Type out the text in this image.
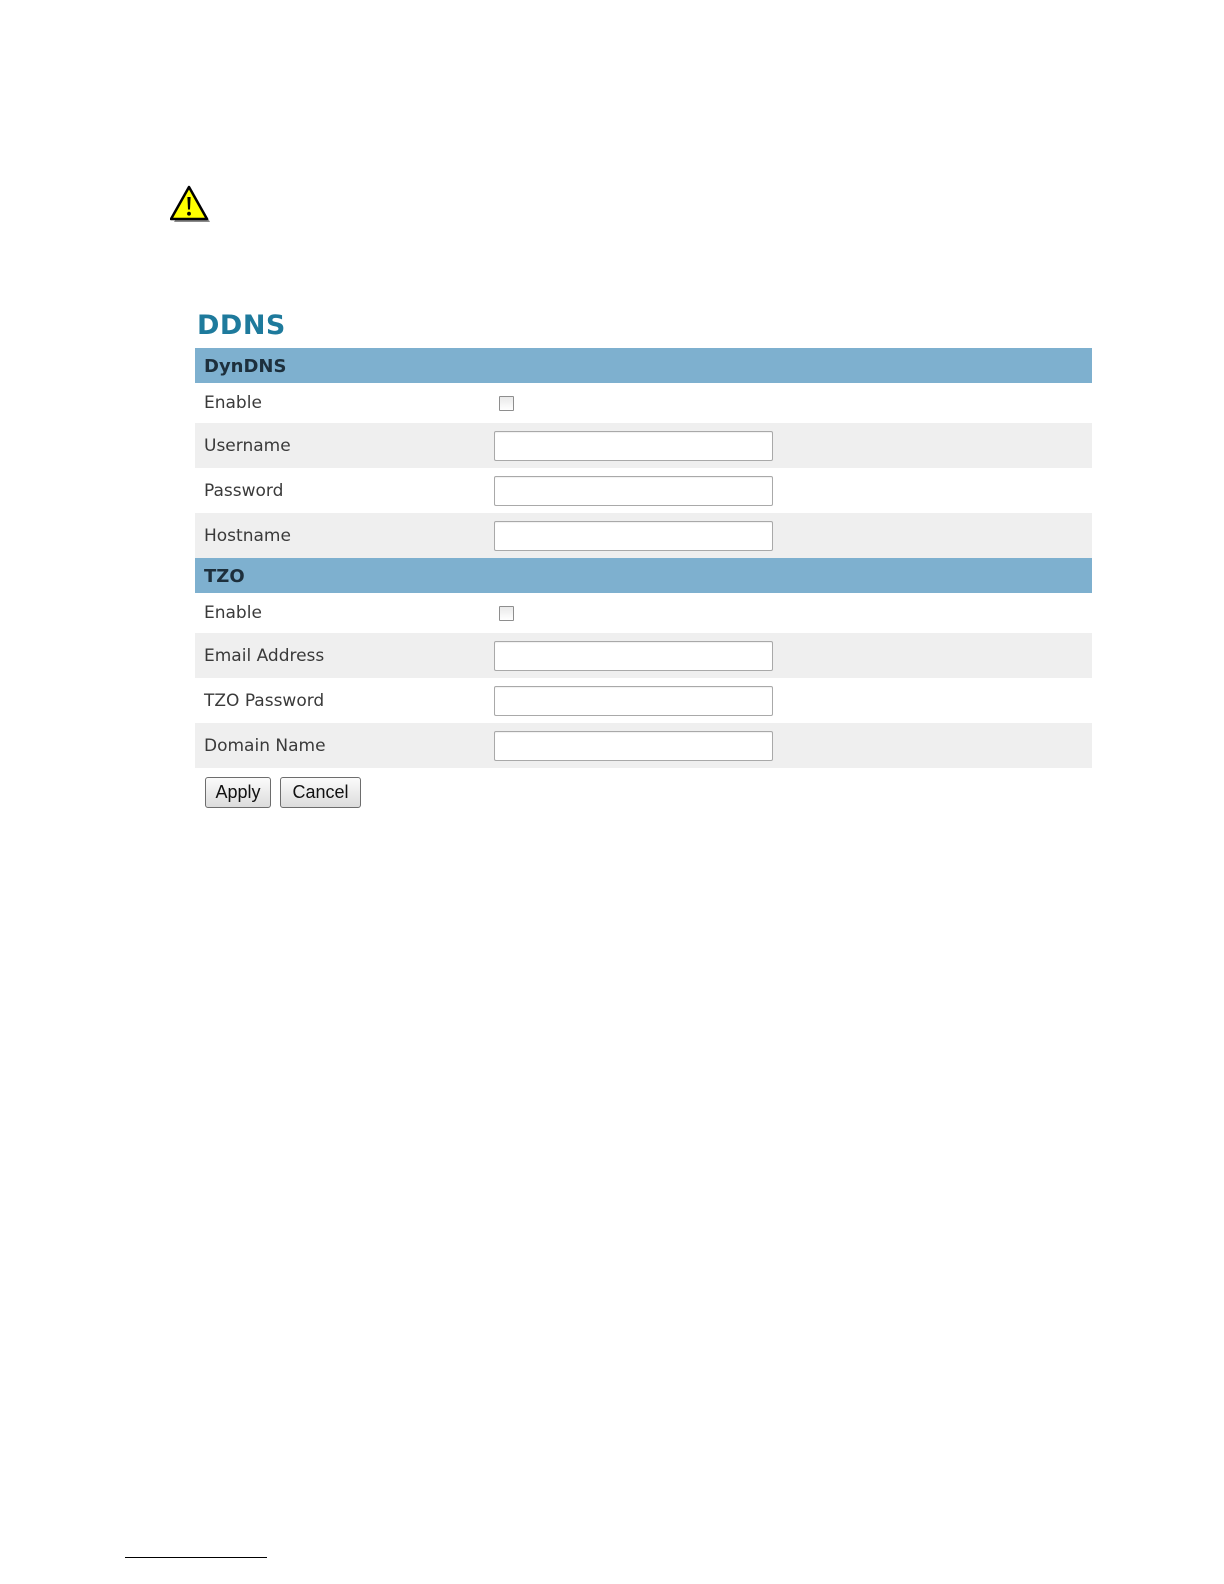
DDNS
DynDNS
Enable
Username
Password
Hostname
TZO
Enable
Email Address
TZO Password
Domain Name
Apply	Cancel
